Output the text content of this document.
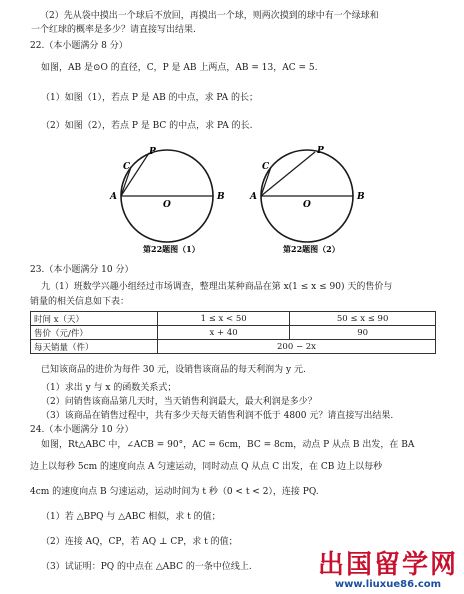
（2）先从袋中摸出一个球后不放回，再摸出一个球，则两次摸到的球中有一个绿球和
一个红球的概率是多少？请直接写出结果.
22.（本小题满分 8 分）
如图，AB 是⊙O 的直径，C，P 是 AB 上两点，AB = 13，AC = 5.
（1）如图（1），若点 P 是 AB 的中点，求 PA 的长；
（2）如图（2），若点 P 是 BC 的中点，求 PA 的长.
P
C
A
O
B
第22题图（1）
P
C
A
O
B
第22题图（2）
23.（本小题满分 10 分）
九（1）班数学兴趣小组经过市场调查，整理出某种商品在第 x(1 ≤ x ≤ 90) 天的售价与
销量的相关信息如下表：
时间 x（天）	1 ≤ x < 50	50 ≤ x ≤ 90
售价（元/件）	x + 40	90
每天销量（件）	200 − 2x	
已知该商品的进价为每件 30 元，设销售该商品的每天利润为 y 元.
（1）求出 y 与 x 的函数关系式；
（2）问销售该商品第几天时，当天销售利润最大，最大利润是多少？
（3）该商品在销售过程中，共有多少天每天销售利润不低于 4800 元？请直接写出结果.
24.（本小题满分 10 分）
如图，Rt△ABC 中，∠ACB = 90°，AC = 6cm，BC = 8cm，动点 P 从点 B 出发，在 BA
边上以每秒 5cm 的速度向点 A 匀速运动，同时动点 Q 从点 C 出发，在 CB 边上以每秒
4cm 的速度向点 B 匀速运动，运动时间为 t 秒（0 < t < 2），连接 PQ.
（1）若 △BPQ 与 △ABC 相似，求 t 的值；
（2）连接 AQ，CP，若 AQ ⊥ CP，求 t 的值；
（3）试证明：PQ 的中点在 △ABC 的一条中位线上.	出国留学网
www.liuxue86.com
